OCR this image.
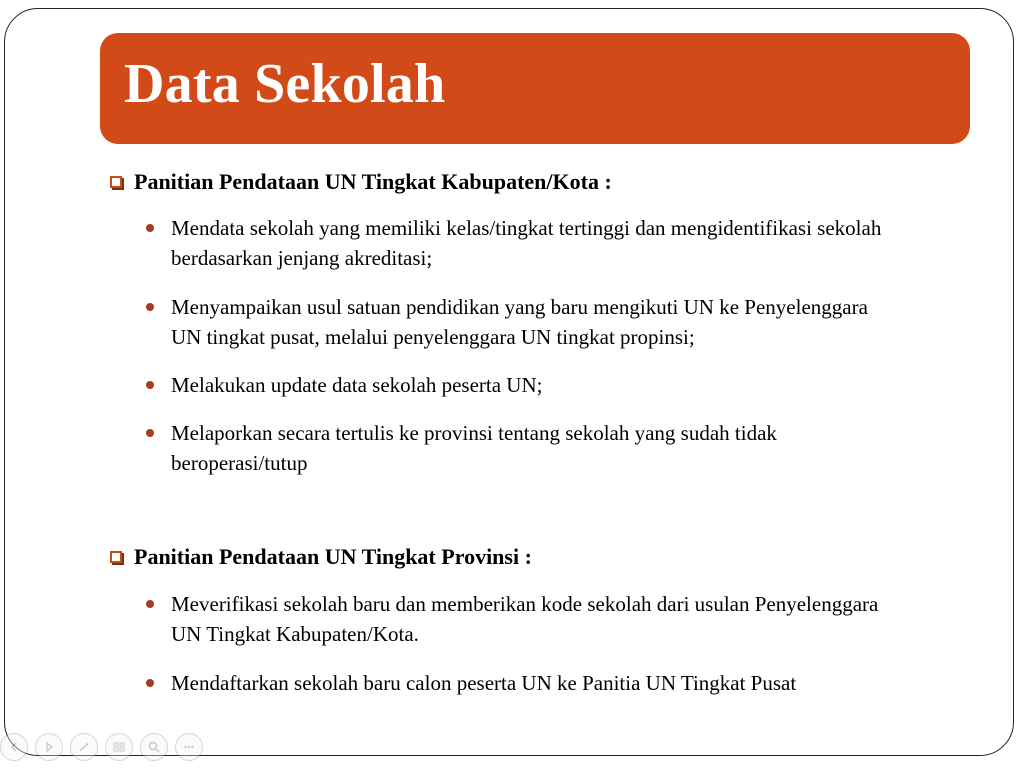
Data Sekolah
Panitian Pendataan UN Tingkat Kabupaten/Kota :
Mendata sekolah yang memiliki kelas/tingkat tertinggi dan mengidentifikasi sekolah
berdasarkan jenjang akreditasi;
Menyampaikan usul satuan pendidikan yang baru mengikuti UN ke Penyelenggara
UN tingkat pusat, melalui penyelenggara UN tingkat propinsi;
Melakukan update data sekolah peserta UN;
Melaporkan secara tertulis ke provinsi tentang sekolah yang sudah tidak
beroperasi/tutup
Panitian Pendataan UN Tingkat Provinsi :
Meverifikasi sekolah baru dan memberikan kode sekolah dari usulan Penyelenggara
UN Tingkat Kabupaten/Kota.
Mendaftarkan sekolah baru calon peserta UN ke Panitia UN Tingkat Pusat
